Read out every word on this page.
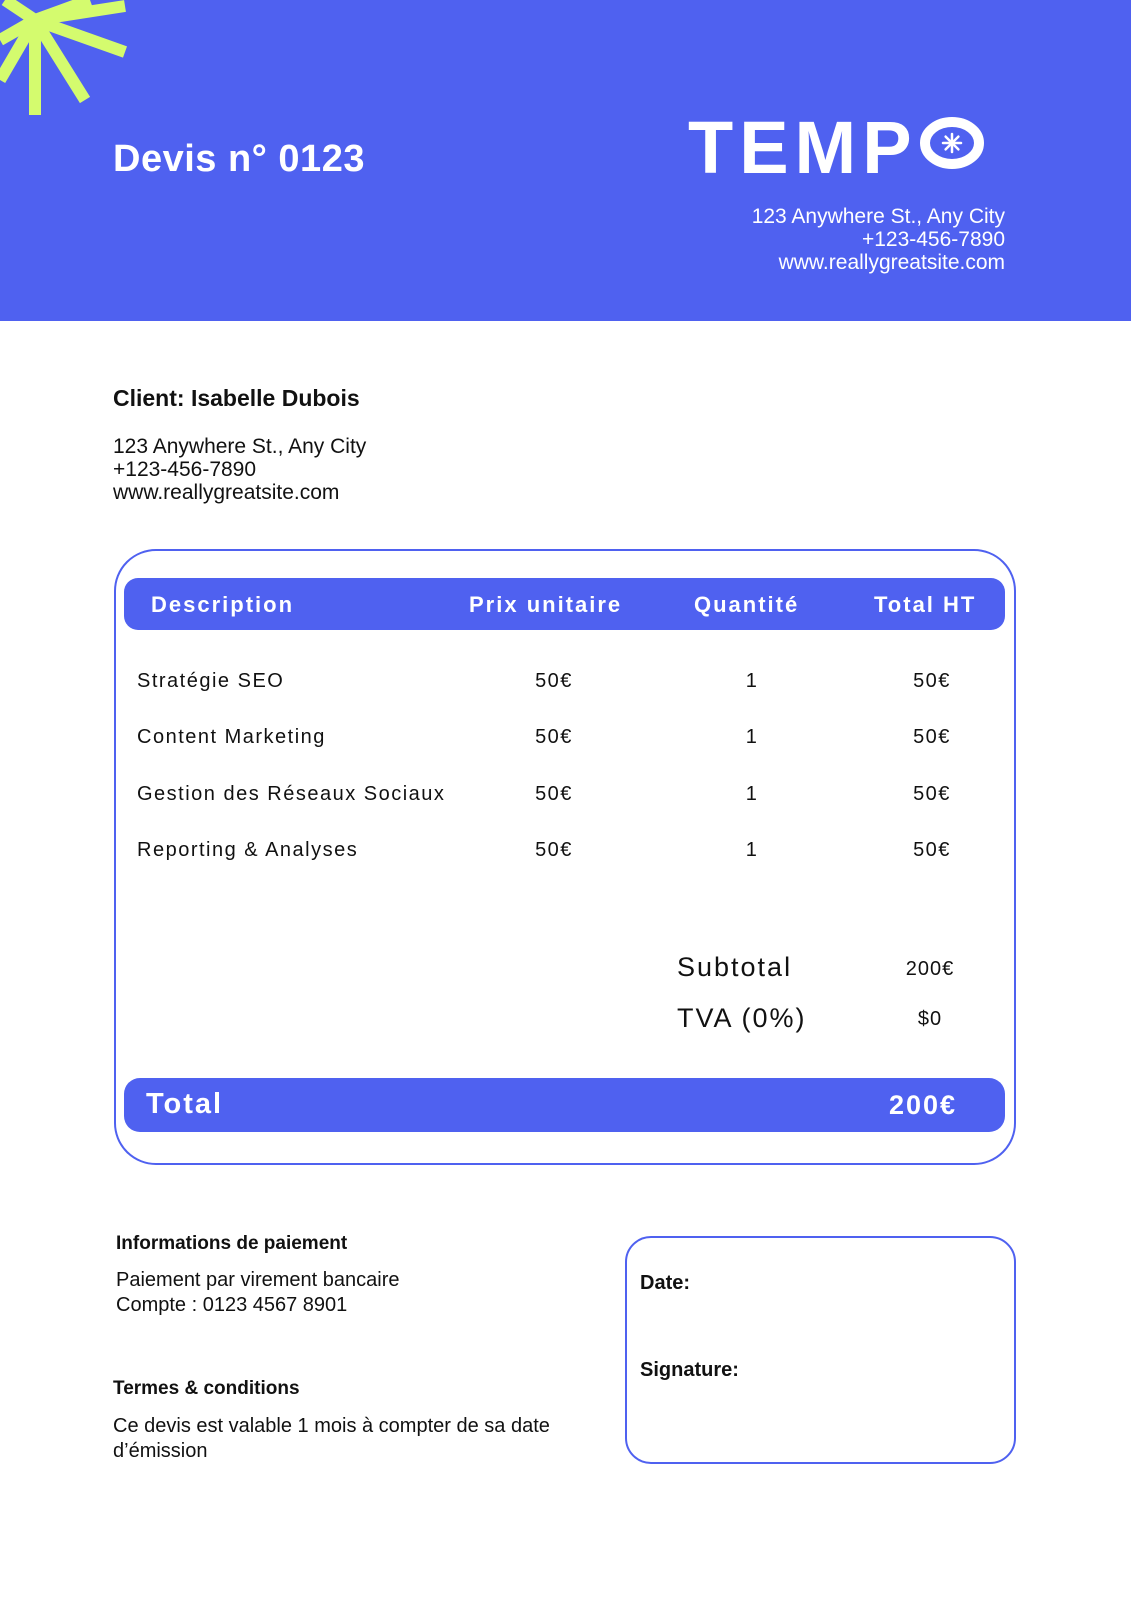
Devis n° 0123	TEMP
123 Anywhere St., Any City
+123-456-7890
www.reallygreatsite.com
Client: Isabelle Dubois
123 Anywhere St., Any City
+123-456-7890
www.reallygreatsite.com
Description	Prix unitaire	Quantité	Total HT
Stratégie SEO	50€	1	50€
Content Marketing	50€	1	50€
Gestion des Réseaux Sociaux	50€	1	50€
Reporting & Analyses	50€	1	50€
Subtotal	200€
TVA (0%)	$0
Total	200€
Informations de paiement
Paiement par virement bancaire
Compte : 0123 4567 8901
Termes & conditions
Ce devis est valable 1 mois à compter de sa date
d’émission
Date:
Signature:
